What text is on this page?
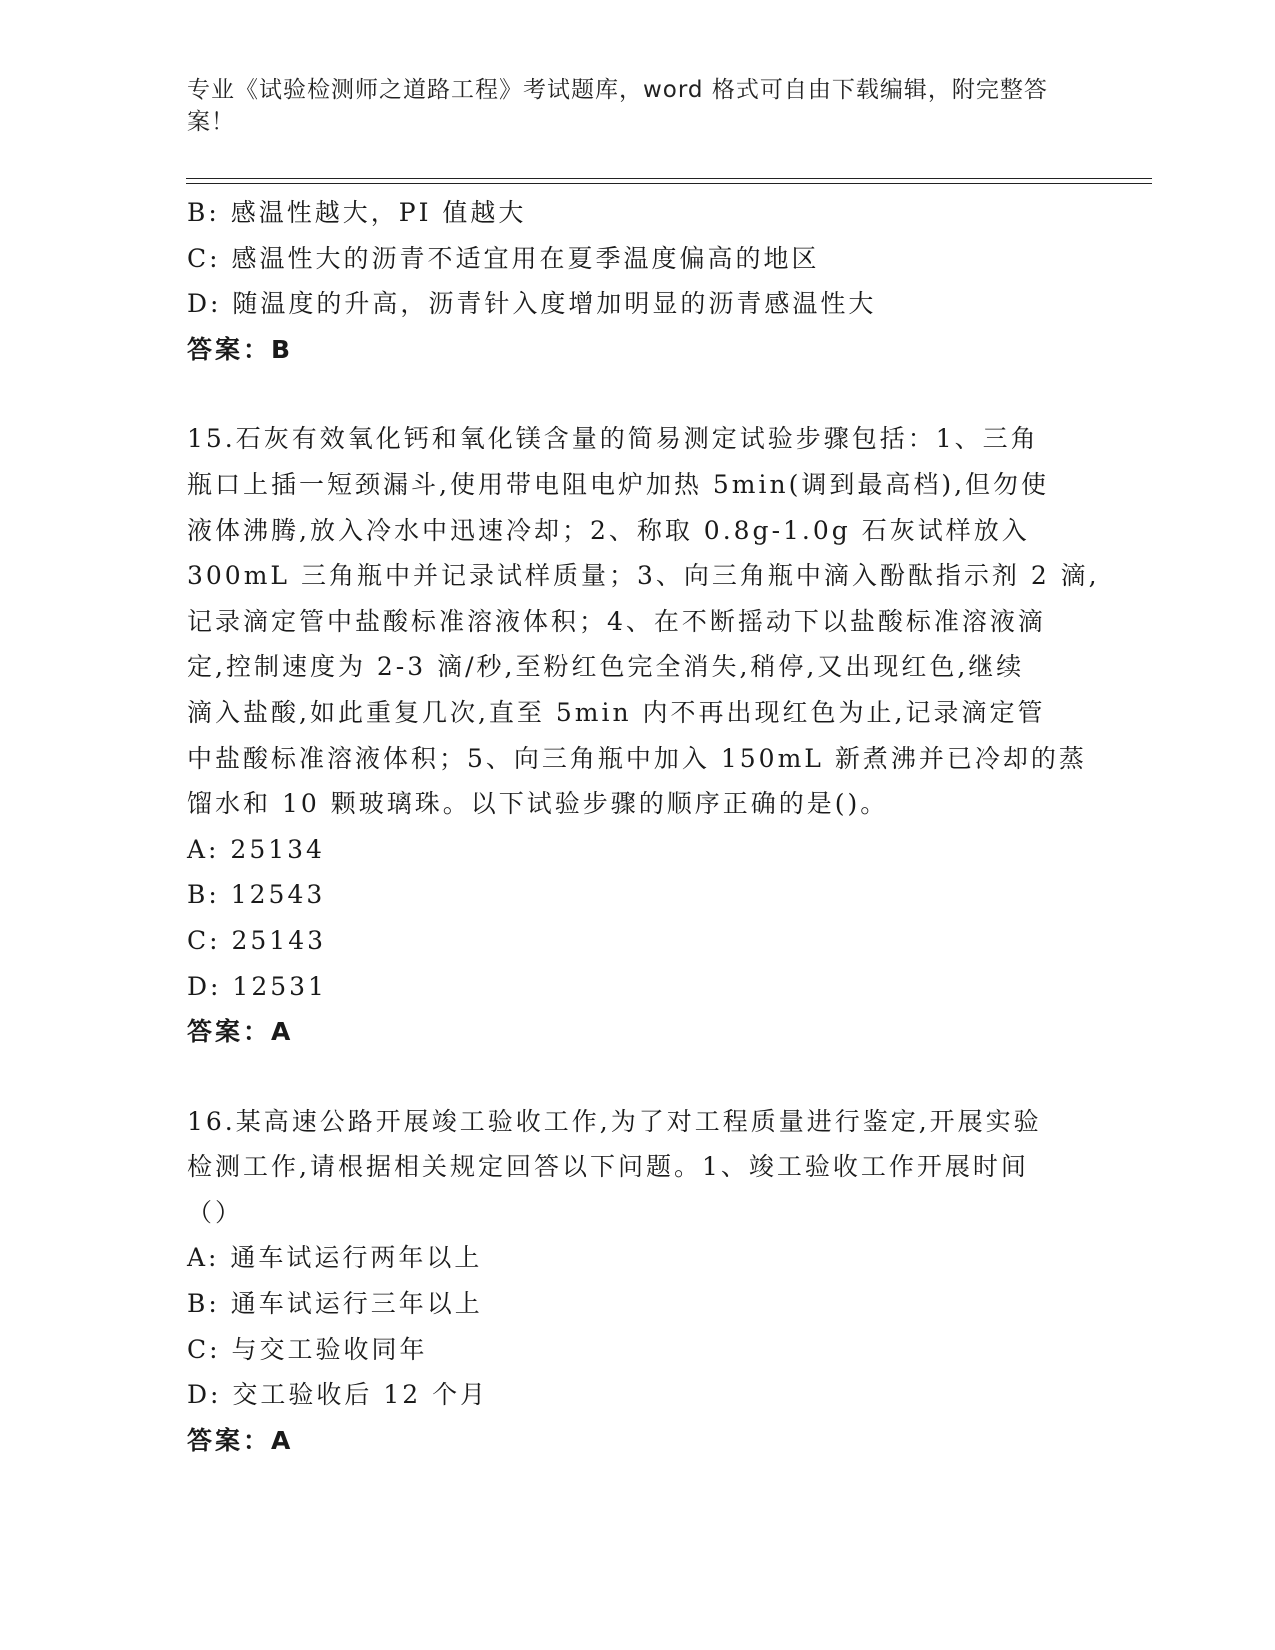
专业《试验检测师之道路工程》考试题库，word 格式可自由下载编辑，附完整答
案！
B: 感温性越大，PI 值越大
C: 感温性大的沥青不适宜用在夏季温度偏高的地区
D: 随温度的升高，沥青针入度增加明显的沥青感温性大
答案：B
15.石灰有效氧化钙和氧化镁含量的简易测定试验步骤包括：1、三角
瓶口上插一短颈漏斗,使用带电阻电炉加热 5min(调到最高档),但勿使
液体沸腾,放入冷水中迅速冷却；2、称取 0.8g-1.0g 石灰试样放入
300mL 三角瓶中并记录试样质量；3、向三角瓶中滴入酚酞指示剂 2 滴,
记录滴定管中盐酸标准溶液体积；4、在不断摇动下以盐酸标准溶液滴
定,控制速度为 2-3 滴/秒,至粉红色完全消失,稍停,又出现红色,继续
滴入盐酸,如此重复几次,直至 5min 内不再出现红色为止,记录滴定管
中盐酸标准溶液体积；5、向三角瓶中加入 150mL 新煮沸并已冷却的蒸
馏水和 10 颗玻璃珠。以下试验步骤的顺序正确的是()。
A: 25134
B: 12543
C: 25143
D: 12531
答案：A
16.某高速公路开展竣工验收工作,为了对工程质量进行鉴定,开展实验
检测工作,请根据相关规定回答以下问题。1、竣工验收工作开展时间
（）
A: 通车试运行两年以上
B: 通车试运行三年以上
C: 与交工验收同年
D: 交工验收后 12 个月
答案：A
